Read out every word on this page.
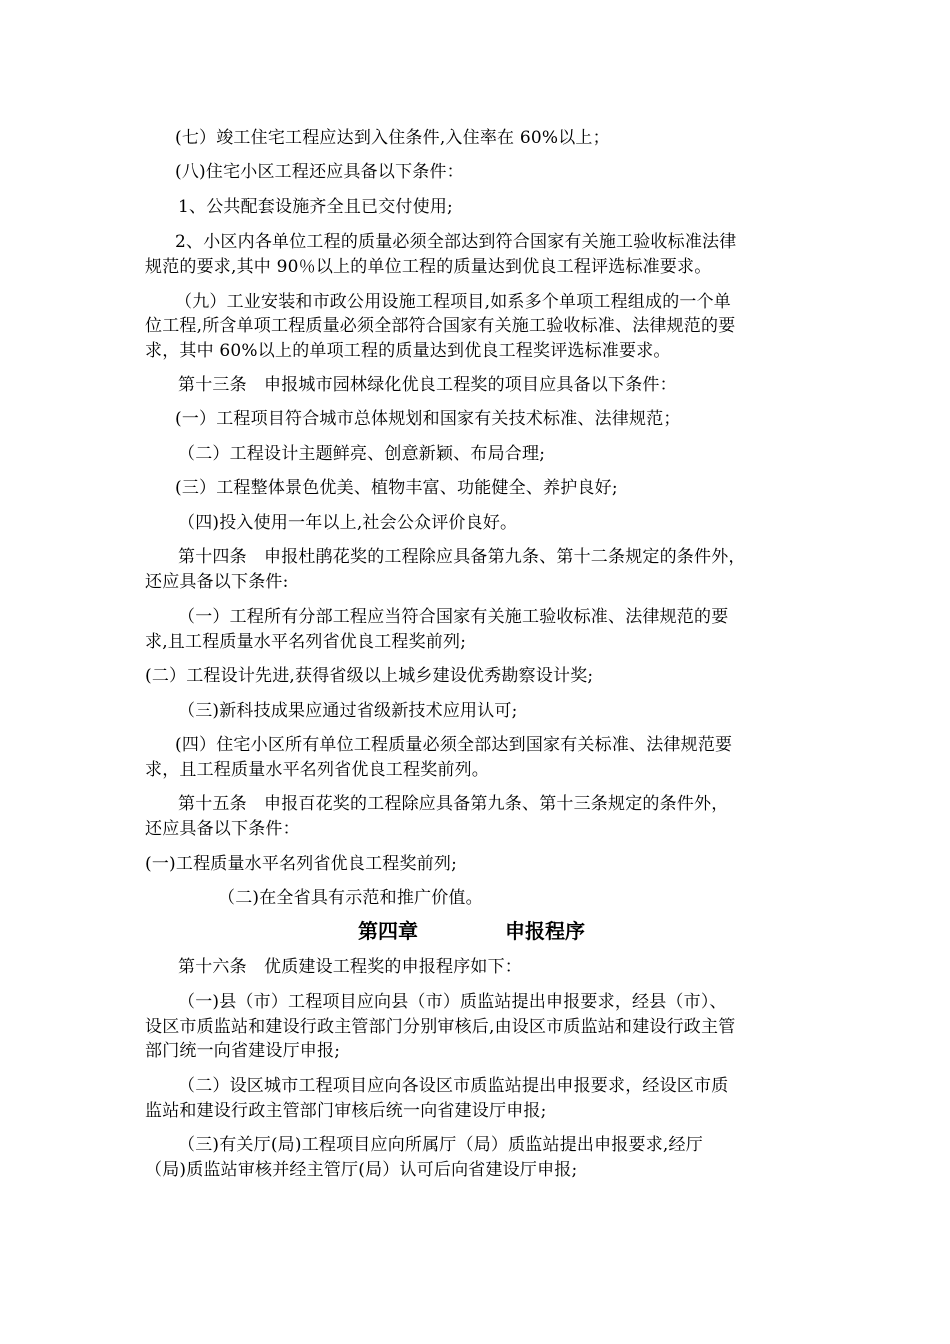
(七）竣工住宅工程应达到入住条件,入住率在 60%以上；
(八)住宅小区工程还应具备以下条件：
1、公共配套设施齐全且已交付使用;
2、小区内各单位工程的质量必须全部达到符合国家有关施工验收标准法律
规范的要求,其中 90％以上的单位工程的质量达到优良工程评选标准要求。
（九）工业安装和市政公用设施工程项目,如系多个单项工程组成的一个单
位工程,所含单项工程质量必须全部符合国家有关施工验收标准、法律规范的要
求，其中 60%以上的单项工程的质量达到优良工程奖评选标准要求。
第十三条　申报城市园林绿化优良工程奖的项目应具备以下条件：
(一）工程项目符合城市总体规划和国家有关技术标准、法律规范；
（二）工程设计主题鲜亮、创意新颖、布局合理;
(三）工程整体景色优美、植物丰富、功能健全、养护良好;
（四)投入使用一年以上,社会公众评价良好。
第十四条　申报杜鹃花奖的工程除应具备第九条、第十二条规定的条件外，
还应具备以下条件:
（一）工程所有分部工程应当符合国家有关施工验收标准、法律规范的要
求,且工程质量水平名列省优良工程奖前列;
(二）工程设计先进,获得省级以上城乡建设优秀勘察设计奖;
（三)新科技成果应通过省级新技术应用认可;
(四）住宅小区所有单位工程质量必须全部达到国家有关标准、法律规范要
求，且工程质量水平名列省优良工程奖前列。
第十五条　申报百花奖的工程除应具备第九条、第十三条规定的条件外，
还应具备以下条件：
(一)工程质量水平名列省优良工程奖前列;
（二)在全省具有示范和推广价值。
第四章	申报程序
第十六条　优质建设工程奖的申报程序如下：
（一)县（市）工程项目应向县（市）质监站提出申报要求，经县（市）、
设区市质监站和建设行政主管部门分别审核后,由设区市质监站和建设行政主管
部门统一向省建设厅申报;
（二）设区城市工程项目应向各设区市质监站提出申报要求，经设区市质
监站和建设行政主管部门审核后统一向省建设厅申报;
（三)有关厅(局)工程项目应向所属厅（局）质监站提出申报要求,经厅
（局)质监站审核并经主管厅(局）认可后向省建设厅申报;
